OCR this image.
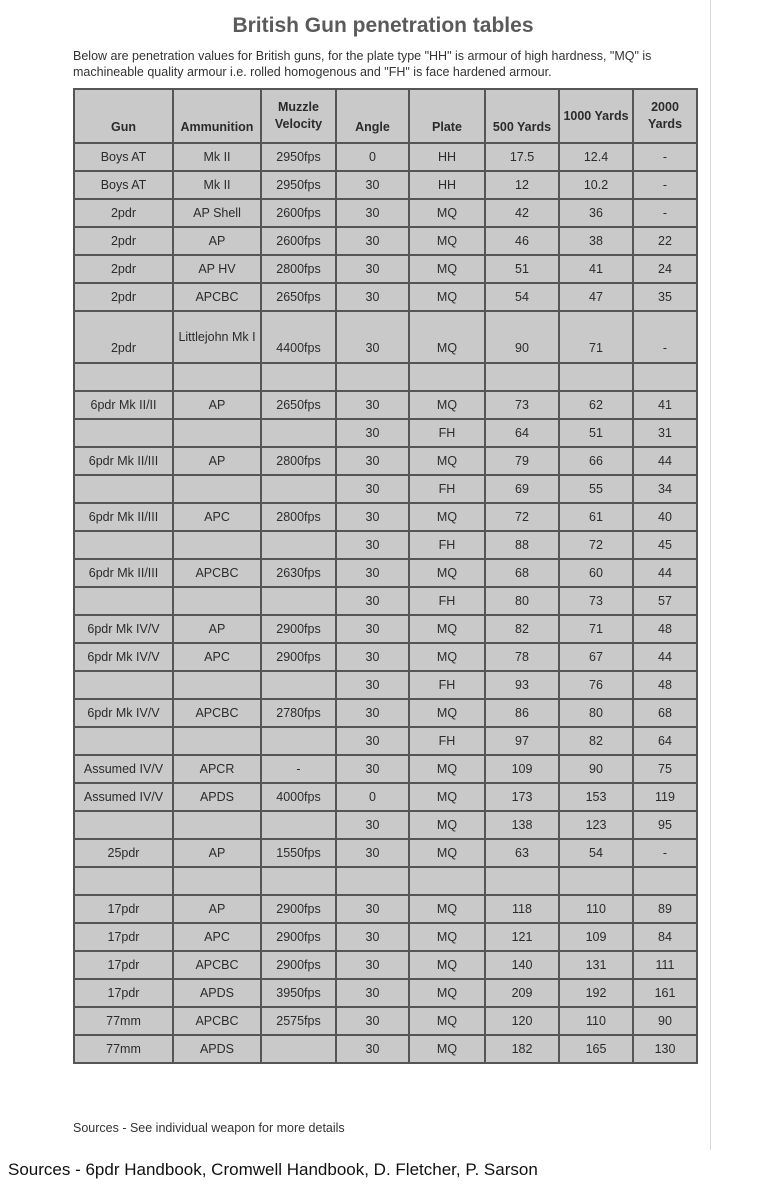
British Gun penetration tables
Below are penetration values for British guns, for the plate type "HH" is armour of high hardness, "MQ" is machineable quality armour i.e. rolled homogenous and "FH" is face hardened armour.
Gun	Ammunition	Muzzle Velocity	Angle	Plate	500 Yards	1000 Yards	2000 Yards
Boys AT	Mk II	2950fps	0	HH	17.5	12.4	-
Boys AT	Mk II	2950fps	30	HH	12	10.2	-
2pdr	AP Shell	2600fps	30	MQ	42	36	-
2pdr	AP	2600fps	30	MQ	46	38	22
2pdr	AP HV	2800fps	30	MQ	51	41	24
2pdr	APCBC	2650fps	30	MQ	54	47	35
2pdr	Littlejohn Mk I	4400fps	30	MQ	90	71	-

6pdr Mk II/II	AP	2650fps	30	MQ	73	62	41
			30	FH	64	51	31
6pdr Mk II/III	AP	2800fps	30	MQ	79	66	44
			30	FH	69	55	34
6pdr Mk II/III	APC	2800fps	30	MQ	72	61	40
			30	FH	88	72	45
6pdr Mk II/III	APCBC	2630fps	30	MQ	68	60	44
			30	FH	80	73	57
6pdr Mk IV/V	AP	2900fps	30	MQ	82	71	48
6pdr Mk IV/V	APC	2900fps	30	MQ	78	67	44
			30	FH	93	76	48
6pdr Mk IV/V	APCBC	2780fps	30	MQ	86	80	68
			30	FH	97	82	64
Assumed IV/V	APCR	-	30	MQ	109	90	75
Assumed IV/V	APDS	4000fps	0	MQ	173	153	119
			30	MQ	138	123	95
25pdr	AP	1550fps	30	MQ	63	54	-

17pdr	AP	2900fps	30	MQ	118	110	89
17pdr	APC	2900fps	30	MQ	121	109	84
17pdr	APCBC	2900fps	30	MQ	140	131	111
17pdr	APDS	3950fps	30	MQ	209	192	161
77mm	APCBC	2575fps	30	MQ	120	110	90
77mm	APDS		30	MQ	182	165	130
Sources - See individual weapon for more details
Sources - 6pdr Handbook, Cromwell Handbook, D. Fletcher, P. Sarson
